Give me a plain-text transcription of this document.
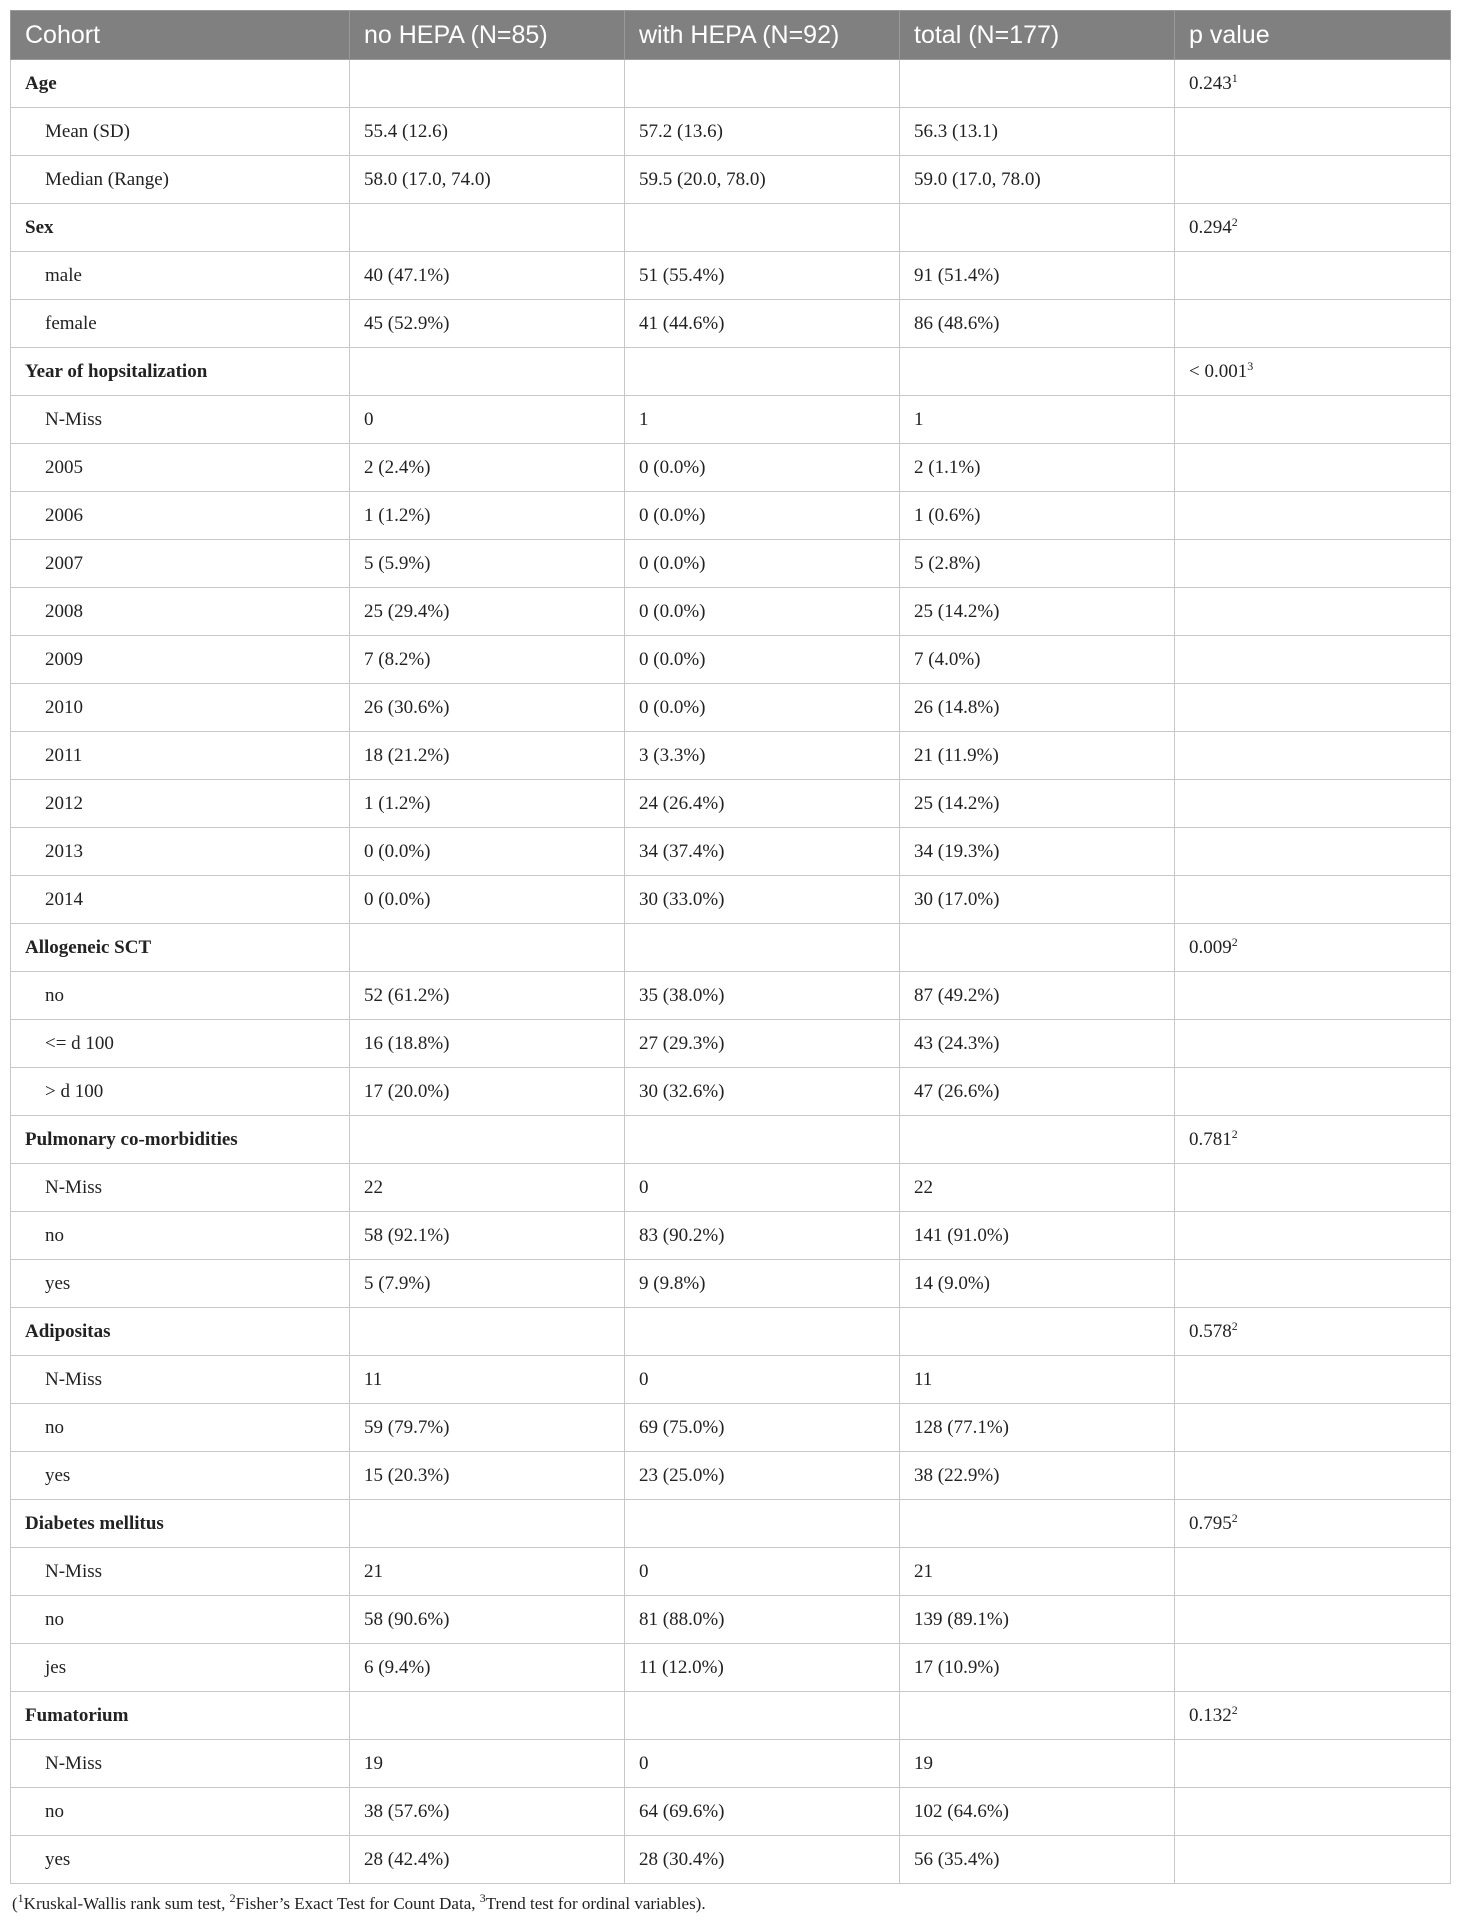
Cohort	no HEPA (N=85)	with HEPA (N=92)	total (N=177)	p value
Age				0.243$^1$
Mean (SD)	55.4 (12.6)	57.2 (13.6)	56.3 (13.1)	
Median (Range)	58.0 (17.0, 74.0)	59.5 (20.0, 78.0)	59.0 (17.0, 78.0)	
Sex				0.294$^2$
male	40 (47.1%)	51 (55.4%)	91 (51.4%)	
female	45 (52.9%)	41 (44.6%)	86 (48.6%)	
Year of hopsitalization				< $0.001^3$
N-Miss	0	1	1	
2005	2 (2.4%)	0 (0.0%)	2 (1.1%)	
2006	1 (1.2%)	0 (0.0%)	1 (0.6%)	
2007	5 (5.9%)	0 (0.0%)	5 (2.8%)	
2008	25 (29.4%)	0 (0.0%)	25 (14.2%)	
2009	7 (8.2%)	0 (0.0%)	7 (4.0%)	
2010	26 (30.6%)	0 (0.0%)	26 (14.8%)	
2011	18 (21.2%)	3 (3.3%)	21 (11.9%)	
2012	1 (1.2%)	24 (26.4%)	25 (14.2%)	
2013	0 (0.0%)	34 (37.4%)	34 (19.3%)	
2014	0 (0.0%)	30 (33.0%)	30 (17.0%)	
Allogeneic SCT				0.009$^2$
no	52 (61.2%)	35 (38.0%)	87 (49.2%)	
<= d 100	16 (18.8%)	27 (29.3%)	43 (24.3%)	
> d 100	17 (20.0%)	30 (32.6%)	47 (26.6%)	
Pulmonary co-morbidities				0.781$^2$
N-Miss	22	0	22	
no	58 (92.1%)	83 (90.2%)	141 (91.0%)	
yes	5 (7.9%)	9 (9.8%)	14 (9.0%)	
Adipositas				0.578$^2$
N-Miss	11	0	11	
no	59 (79.7%)	69 (75.0%)	128 (77.1%)	
yes	15 (20.3%)	23 (25.0%)	38 (22.9%)	
Diabetes mellitus				0.795$^2$
N-Miss	21	0	21	
no	58 (90.6%)	81 (88.0%)	139 (89.1%)	
jes	6 (9.4%)	11 (12.0%)	17 (10.9%)	
Fumatorium				0.132$^2$
N-Miss	19	0	19	
no	38 (57.6%)	64 (69.6%)	102 (64.6%)	
yes	28 (42.4%)	28 (30.4%)	56 (35.4%)	
($^1$Kruskal-Wallis rank sum test, $^2$Fisher’s Exact Test for Count Data, $^3$Trend test for ordinal variables).
